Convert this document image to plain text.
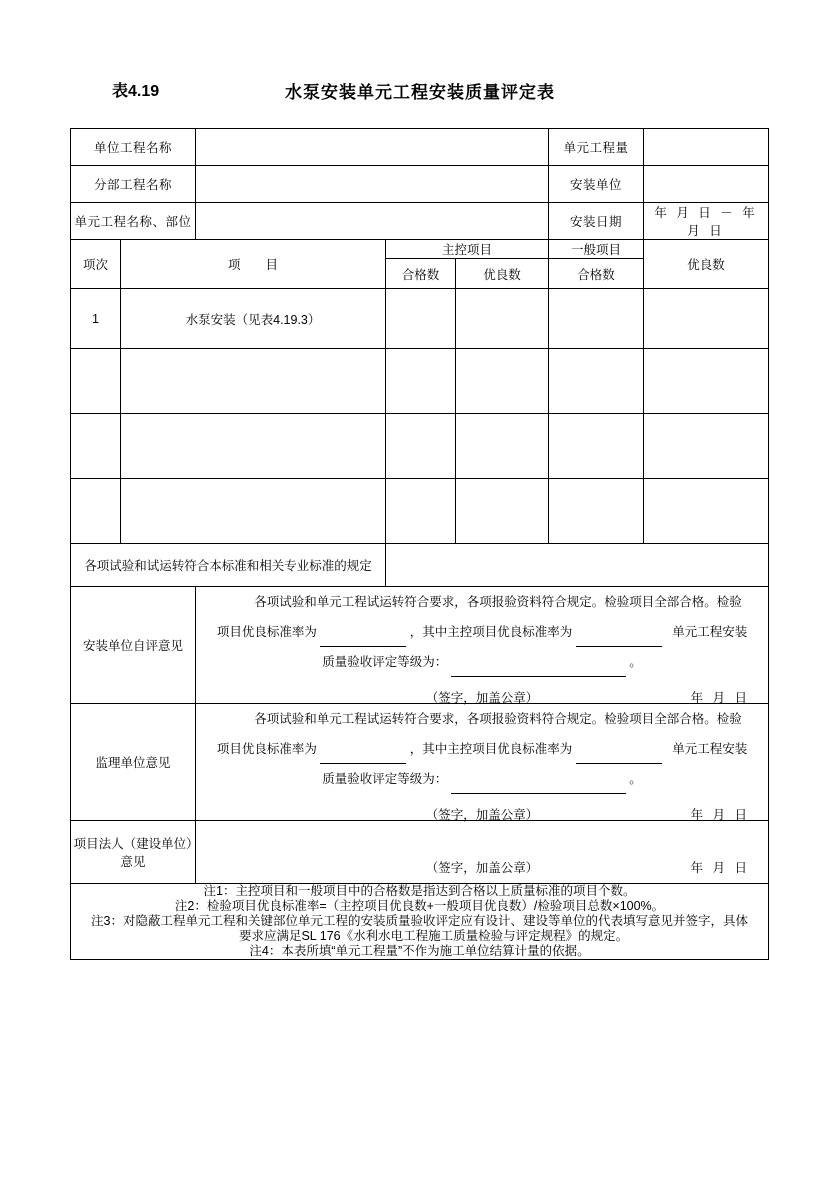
表4.19	水泵安装单元工程安装质量评定表
单位工程名称					单元工程量	
分部工程名称					安装单位	
单元工程名称、部位					安装日期	年 月 日 － 年 月 日
项次	项　　目		主控项目		一般项目	优良数
			合格数	优良数	合格数	
1	水泵安装（见表4.19.3）					

各项试验和试运转符合本标准和相关专业标准的规定						
安装单位自评意见		各项试验和单元工程试运转符合要求，各项报验资料符合规定。检验项目全部合格。检验
项目优良标准率为 ，其中主控项目优良标准率为 单元工程安装
质量验收评定等级为： 。
（签字，加盖公章） 年 月 日				

监理单位意见		各项试验和单元工程试运转符合要求，各项报验资料符合规定。检验项目全部合格。检验
项目优良标准率为 ，其中主控项目优良标准率为 单元工程安装
质量验收评定等级为： 。
（签字，加盖公章） 年 月 日				

项目法人（建设单位）意见		（签字，加盖公章） 年 月 日				

注1：主控项目和一般项目中的合格数是指达到合格以上质量标准的项目个数。
注2：检验项目优良标准率=（主控项目优良数+一般项目优良数）/检验项目总数×100%。
注3：对隐蔽工程单元工程和关键部位单元工程的安装质量验收评定应有设计、建设等单位的代表填写意见并签字，具体
要求应满足SL 176《水利水电工程施工质量检验与评定规程》的规定。
注4：本表所填“单元工程量”不作为施工单位结算计量的依据。						
